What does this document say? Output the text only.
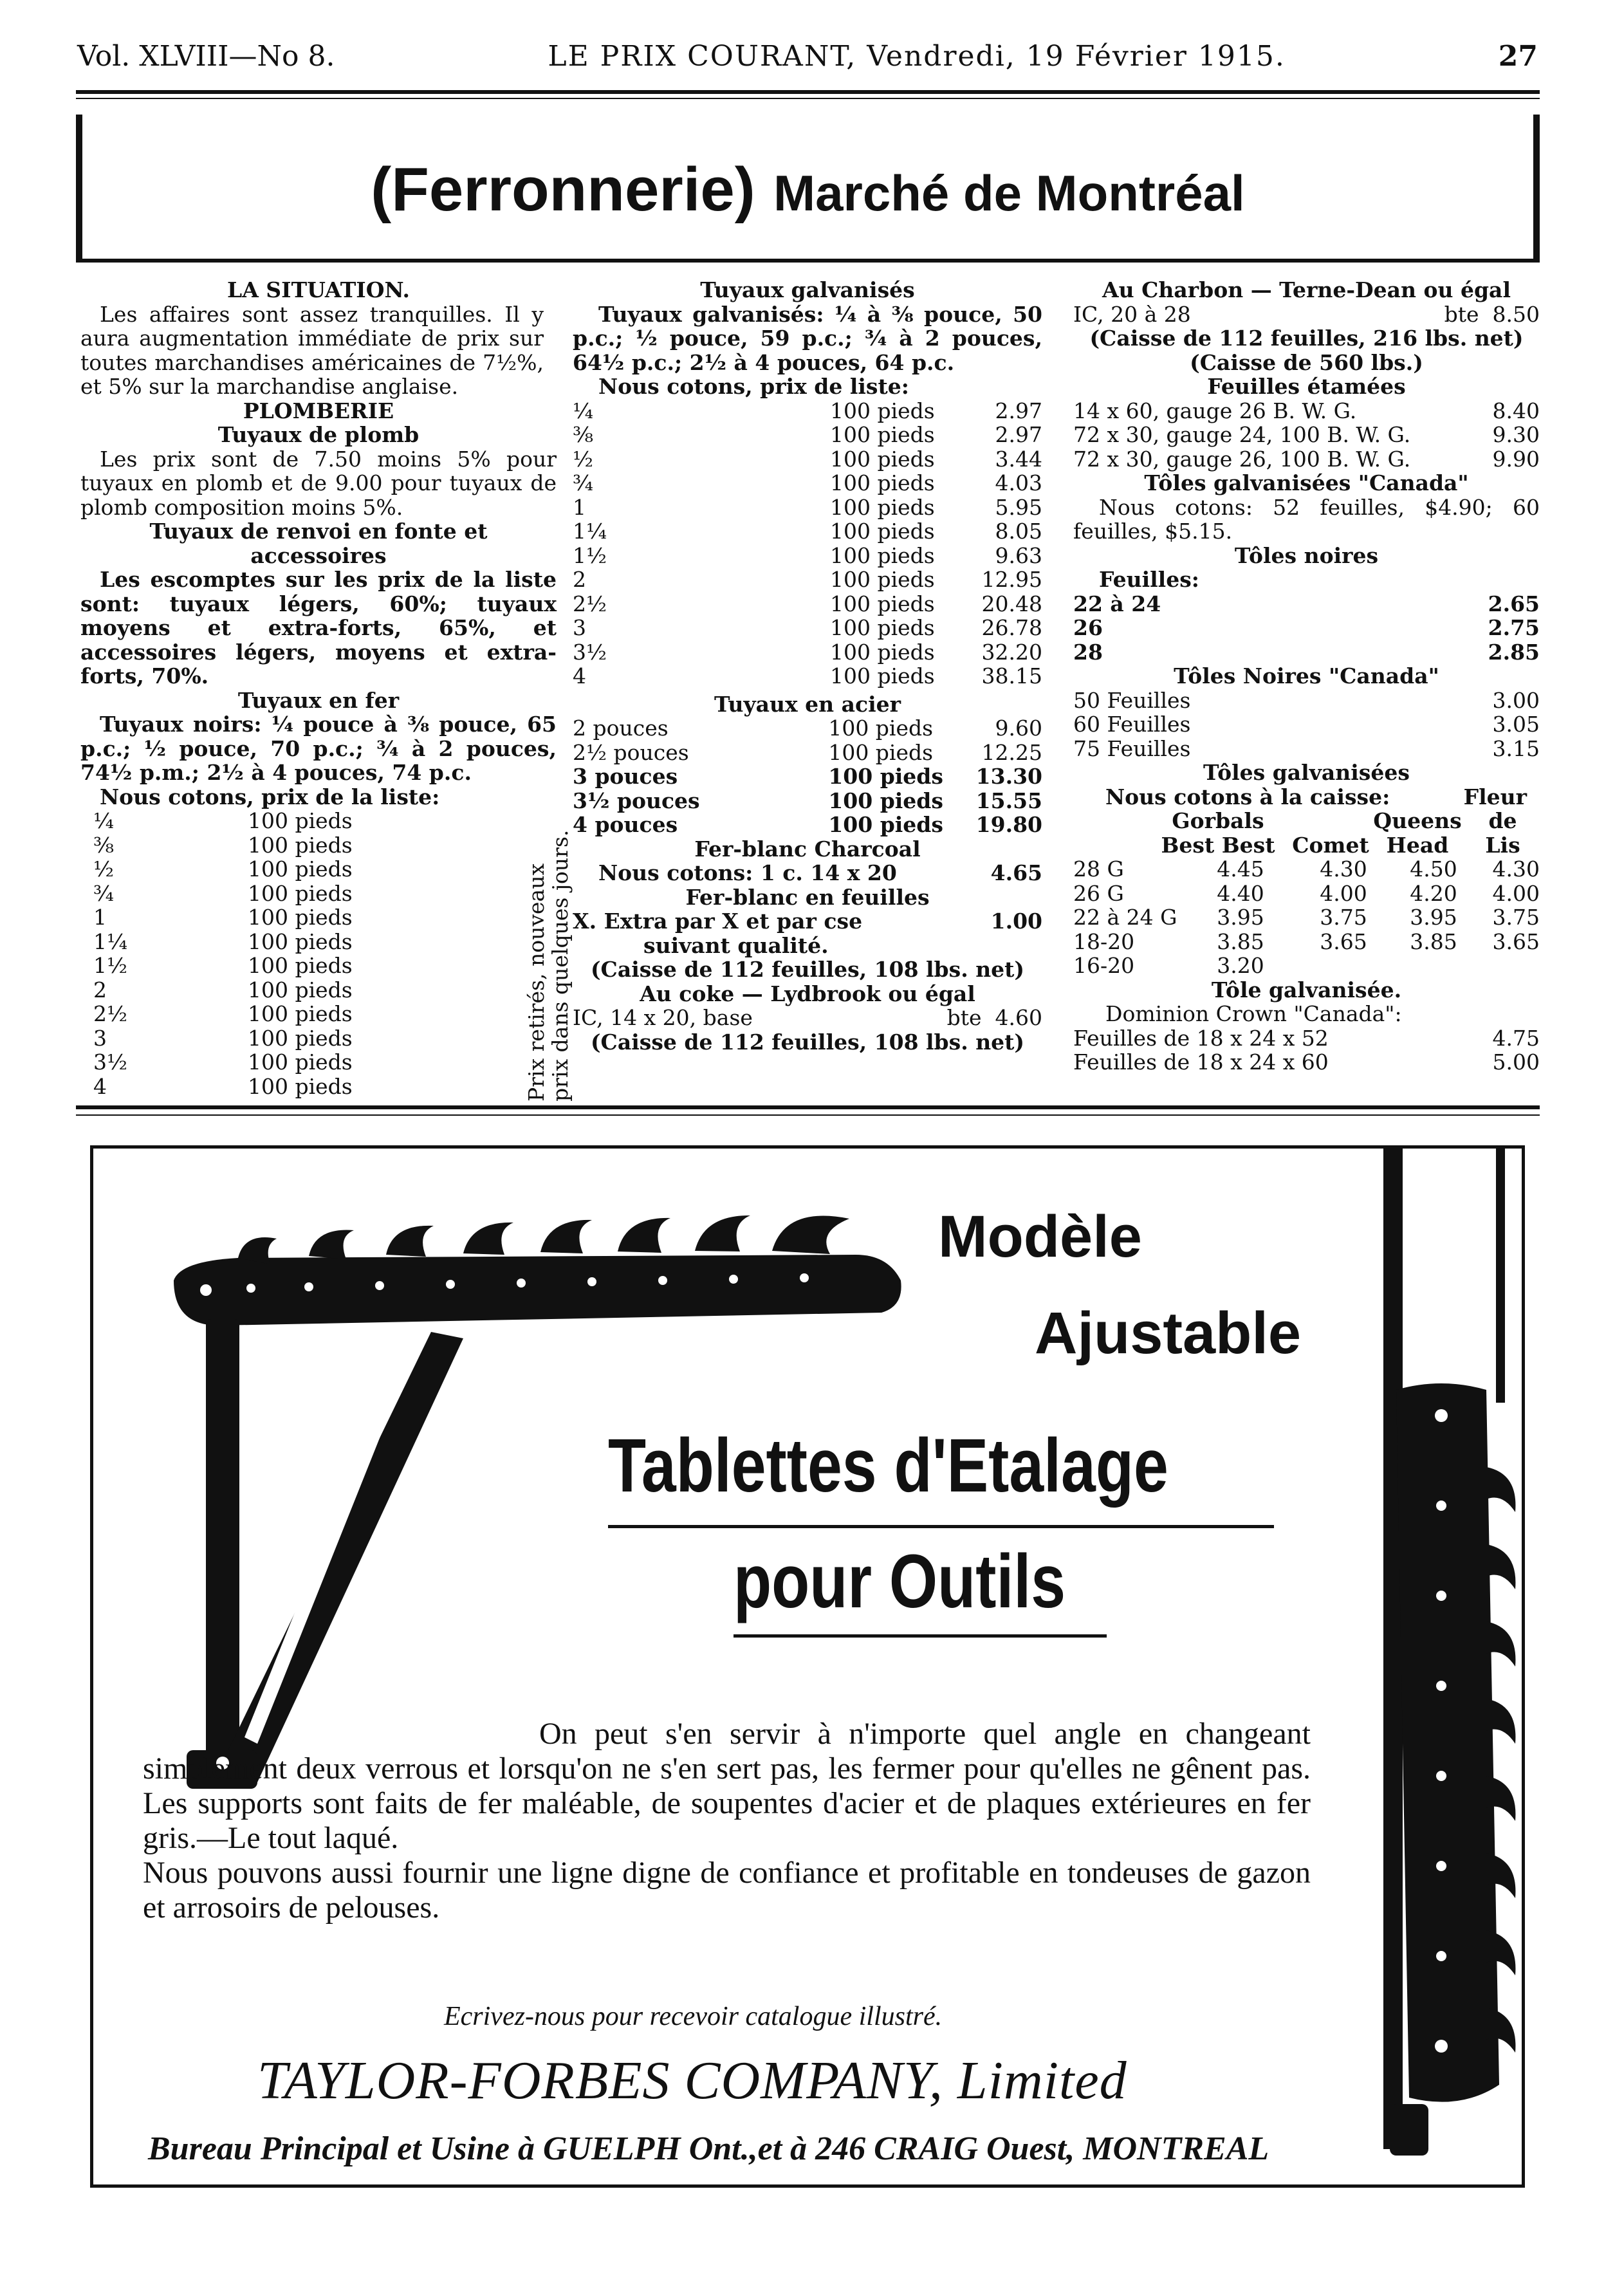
Vol. XLVIII—No 8.	LE PRIX COURANT, Vendredi, 19 Février 1915.	27
(Ferronnerie) Marché de Montréal
LA SITUATION.
Les affaires sont assez tranquilles. Il y aura augmentation immédiate de prix sur toutes marchandises américaines de 7½%, et 5% sur la marchandise anglaise.
PLOMBERIE
Tuyaux de plomb
Les prix sont de 7.50 moins 5% pour tuyaux en plomb et de 9.00 pour tuyaux de plomb composition moins 5%.
Tuyaux de renvoi en fonte et accessoires
Les escomptes sur les prix de la liste sont: tuyaux légers, 60%; tuyaux moyens et extra-forts, 65%, et accessoires légers, moyens et extra-forts, 70%.
Tuyaux en fer
Tuyaux noirs: ¼ pouce à ⅜ pouce, 65 p.c.; ½ pouce, 70 p.c.; ¾ à 2 pouces, 74½ p.m.; 2½ à 4 pouces, 74 p.c.
Nous cotons, prix de la liste:
¼	100 pieds
⅜	100 pieds
½	100 pieds
¾	100 pieds
1	100 pieds
1¼	100 pieds
1½	100 pieds
2	100 pieds
2½	100 pieds
3	100 pieds
3½	100 pieds
4	100 pieds	Prix retirés, nouveaux
prix dans quelques jours.
Tuyaux galvanisés
Tuyaux galvanisés: ¼ à ⅜ pouce, 50 p.c.; ½ pouce, 59 p.c.; ¾ à 2 pouces, 64½ p.c.; 2½ à 4 pouces, 64 p.c.
Nous cotons, prix de liste:
¼	100 pieds	2.97
⅜	100 pieds	2.97
½	100 pieds	3.44
¾	100 pieds	4.03
1	100 pieds	5.95
1¼	100 pieds	8.05
1½	100 pieds	9.63
2	100 pieds	12.95
2½	100 pieds	20.48
3	100 pieds	26.78
3½	100 pieds	32.20
4	100 pieds	38.15
Tuyaux en acier
2 pouces	100 pieds	9.60
2½ pouces	100 pieds	12.25
3 pouces	100 pieds	13.30
3½ pouces	100 pieds	15.55
4 pouces	100 pieds	19.80
Fer-blanc Charcoal
Nous cotons: 1 c. 14 x 20	4.65
Fer-blanc en feuilles
X. Extra par X et par cse	1.00
suivant qualité.
(Caisse de 112 feuilles, 108 lbs. net)
Au coke — Lydbrook ou égal
IC, 14 x 20, base	bte 4.60
(Caisse de 112 feuilles, 108 lbs. net)
Au Charbon — Terne-Dean ou égal
IC, 20 à 28	bte 8.50
(Caisse de 112 feuilles, 216 lbs. net)
(Caisse de 560 lbs.)
Feuilles étamées
14 x 60, gauge 26 B. W. G.	8.40
72 x 30, gauge 24, 100 B. W. G.	9.30
72 x 30, gauge 26, 100 B. W. G.	9.90
Tôles galvanisées "Canada"
Nous cotons: 52 feuilles, $4.90; 60 feuilles, $5.15.
Tôles noires
Feuilles:
22 à 24	2.65
26	2.75
28	2.85
Tôles Noires "Canada"
50 Feuilles	3.00
60 Feuilles	3.05
75 Feuilles	3.15
Tôles galvanisées
Nous cotons à la caisse:	Fleur
	Gorbals		Queens	de
	Best Best	Comet	Head	Lis
28 G	4.45	4.30	4.50	4.30
26 G	4.40	4.00	4.20	4.00
22 à 24 G	3.95	3.75	3.95	3.75
18-20	3.85	3.65	3.85	3.65
16-20	3.20			
Tôle galvanisée.
Dominion Crown "Canada":
Feuilles de 18 x 24 x 52	4.75
Feuilles de 18 x 24 x 60	5.00
Modèle
Ajustable
Tablettes d'Etalage
pour Outils
On peut s'en servir à n'importe quel angle en changeant simplement deux verrous et lorsqu'on ne s'en sert pas, les fermer pour qu'elles ne gênent pas. Les supports sont faits de fer maléable, de soupentes d'acier et de plaques extérieures en fer gris.—Le tout laqué.
Nous pouvons aussi fournir une ligne digne de confiance et profitable en tondeuses de gazon et arrosoirs de pelouses.
Ecrivez-nous pour recevoir catalogue illustré.
TAYLOR-FORBES COMPANY, Limited
Bureau Principal et Usine à GUELPH Ont.,et à 246 CRAIG Ouest, MONTREAL
